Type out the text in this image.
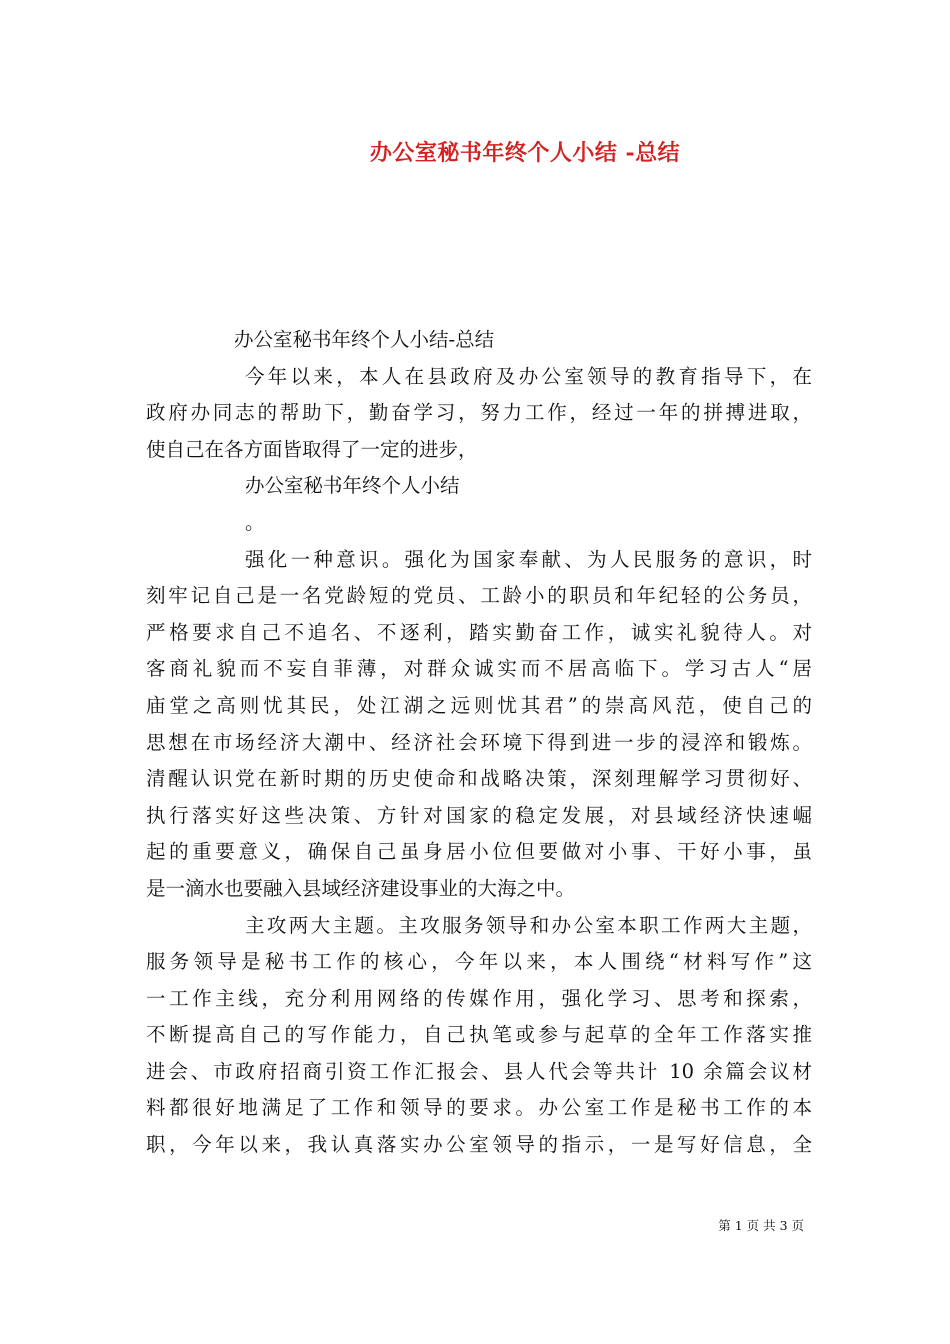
办公室秘书年终个人小结 -总结
办公室秘书年终个人小结-总结
今年以来，本人在县政府及办公室领导的教育指导下，在
政府办同志的帮助下，勤奋学习，努力工作，经过一年的拼搏进取，
使自己在各方面皆取得了一定的进步，
办公室秘书年终个人小结
。
强化一种意识。强化为国家奉献、为人民服务的意识，时
刻牢记自己是一名党龄短的党员、工龄小的职员和年纪轻的公务员，
严格要求自己不追名、不逐利，踏实勤奋工作，诚实礼貌待人。对
客商礼貌而不妄自菲薄，对群众诚实而不居高临下。学习古人“居
庙堂之高则忧其民，处江湖之远则忧其君”的崇高风范，使自己的
思想在市场经济大潮中、经济社会环境下得到进一步的浸淬和锻炼。
清醒认识党在新时期的历史使命和战略决策，深刻理解学习贯彻好、
执行落实好这些决策、方针对国家的稳定发展，对县域经济快速崛
起的重要意义，确保自己虽身居小位但要做对小事、干好小事，虽
是一滴水也要融入县域经济建设事业的大海之中。
主攻两大主题。主攻服务领导和办公室本职工作两大主题，
服务领导是秘书工作的核心，今年以来，本人围绕“材料写作”这
一工作主线，充分利用网络的传媒作用，强化学习、思考和探索，
不断提高自己的写作能力，自己执笔或参与起草的全年工作落实推
进会、市政府招商引资工作汇报会、县人代会等共计 10 余篇会议材
料都很好地满足了工作和领导的要求。办公室工作是秘书工作的本
职，今年以来，我认真落实办公室领导的指示，一是写好信息，全
第 1 页 共 3 页
